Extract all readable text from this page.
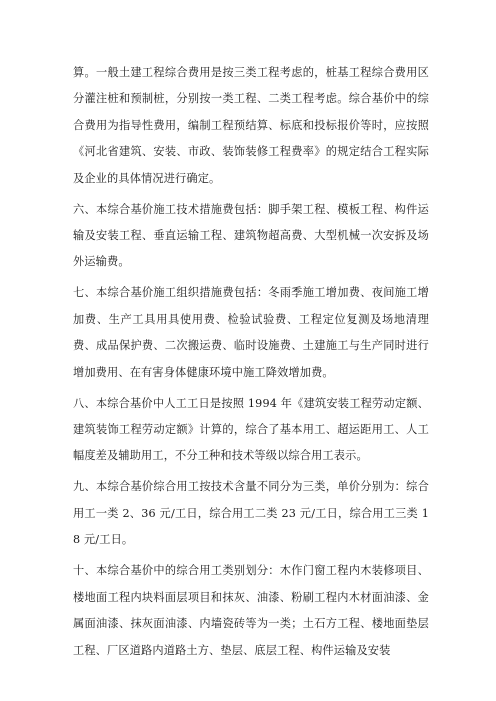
算。一般土建工程综合费用是按三类工程考虑的，桩基工程综合费用区分灌注桩和预制桩，分别按一类工程、二类工程考虑。综合基价中的综合费用为指导性费用，编制工程预结算、标底和投标报价等时，应按照《河北省建筑、安装、市政、装饰装修工程费率》的规定结合工程实际及企业的具体情况进行确定。

六、本综合基价施工技术措施费包括：脚手架工程、模板工程、构件运输及安装工程、垂直运输工程、建筑物超高费、大型机械一次安拆及场外运输费。

七、本综合基价施工组织措施费包括：冬雨季施工增加费、夜间施工增加费、生产工具用具使用费、检验试验费、工程定位复测及场地清理费、成品保护费、二次搬运费、临时设施费、土建施工与生产同时进行增加费用、在有害身体健康环境中施工降效增加费。

八、本综合基价中人工工日是按照 1994 年《建筑安装工程劳动定额、建筑装饰工程劳动定额》计算的，综合了基本用工、超运距用工、人工幅度差及辅助用工，不分工种和技术等级以综合用工表示。

九、本综合基价综合用工按技术含量不同分为三类，单价分别为：综合用工一类 2、36 元/工日，综合用工二类 23 元/工日，综合用工三类 18 元/工日。

十、本综合基价中的综合用工类别划分：木作门窗工程内木装修项目、楼地面工程内块料面层项目和抹灰、油漆、粉刷工程内木材面油漆、金属面油漆、抹灰面油漆、内墙瓷砖等为一类；土石方工程、楼地面垫层工程、厂区道路内道路土方、垫层、底层工程、构件运输及安装
